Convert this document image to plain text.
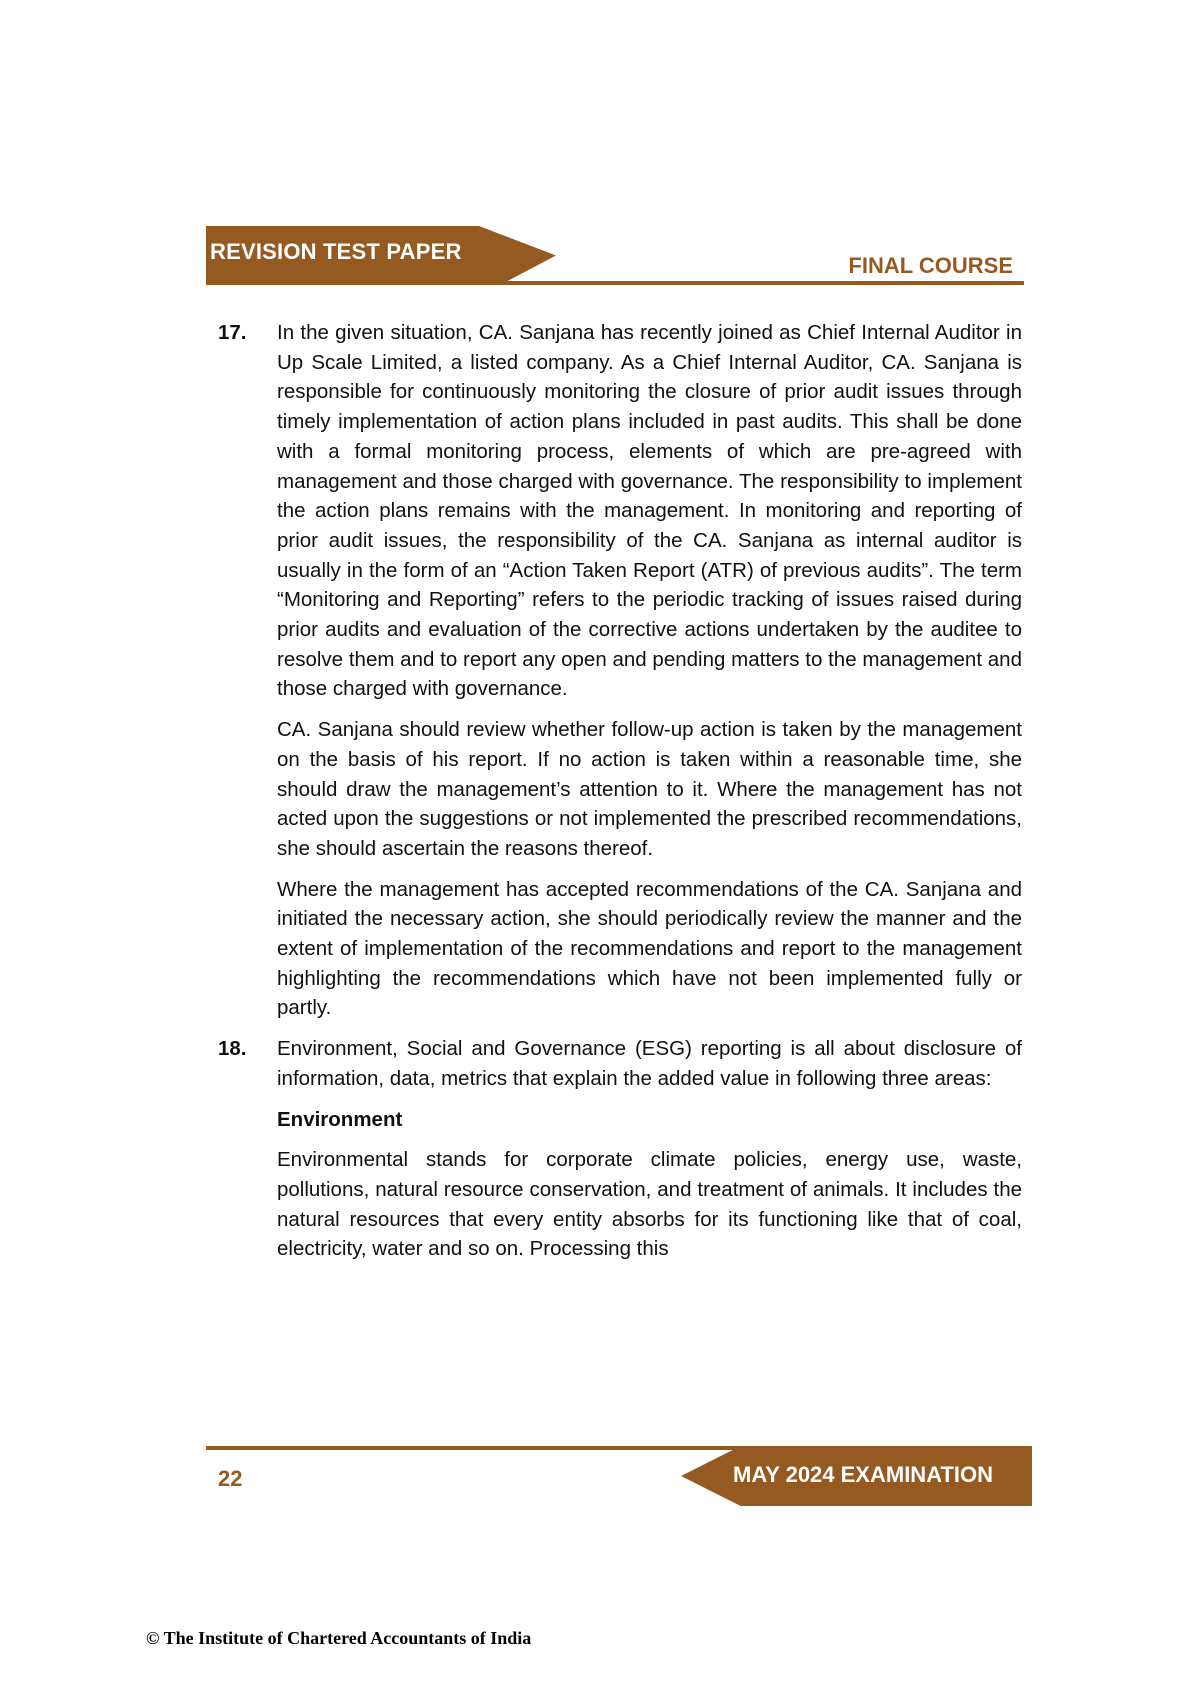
REVISION TEST PAPER
FINAL COURSE
17.	In the given situation, CA. Sanjana has recently joined as Chief Internal Auditor in Up Scale Limited, a listed company. As a Chief Internal Auditor, CA. Sanjana is responsible for continuously monitoring the closure of prior audit issues through timely implementation of action plans included in past audits. This shall be done with a formal monitoring process, elements of which are pre-agreed with management and those charged with governance. The responsibility to implement the action plans remains with the management. In monitoring and reporting of prior audit issues, the responsibility of the CA. Sanjana as internal auditor is usually in the form of an “Action Taken Report (ATR) of previous audits”. The term “Monitoring and Reporting” refers to the periodic tracking of issues raised during prior audits and evaluation of the corrective actions undertaken by the auditee to resolve them and to report any open and pending matters to the management and those charged with governance.

CA. Sanjana should review whether follow-up action is taken by the management on the basis of his report. If no action is taken within a reasonable time, she should draw the management’s attention to it. Where the management has not acted upon the suggestions or not implemented the prescribed recommendations, she should ascertain the reasons thereof.

Where the management has accepted recommendations of the CA. Sanjana and initiated the necessary action, she should periodically review the manner and the extent of implementation of the recommendations and report to the management highlighting the recommendations which have not been implemented fully or partly.

18.	Environment, Social and Governance (ESG) reporting is all about disclosure of information, data, metrics that explain the added value in following three areas:

Environment

Environmental stands for corporate climate policies, energy use, waste, pollutions, natural resource conservation, and treatment of animals. It includes the natural resources that every entity absorbs for its functioning like that of coal, electricity, water and so on. Processing this

MAY 2024 EXAMINATION
22
© The Institute of Chartered Accountants of India
